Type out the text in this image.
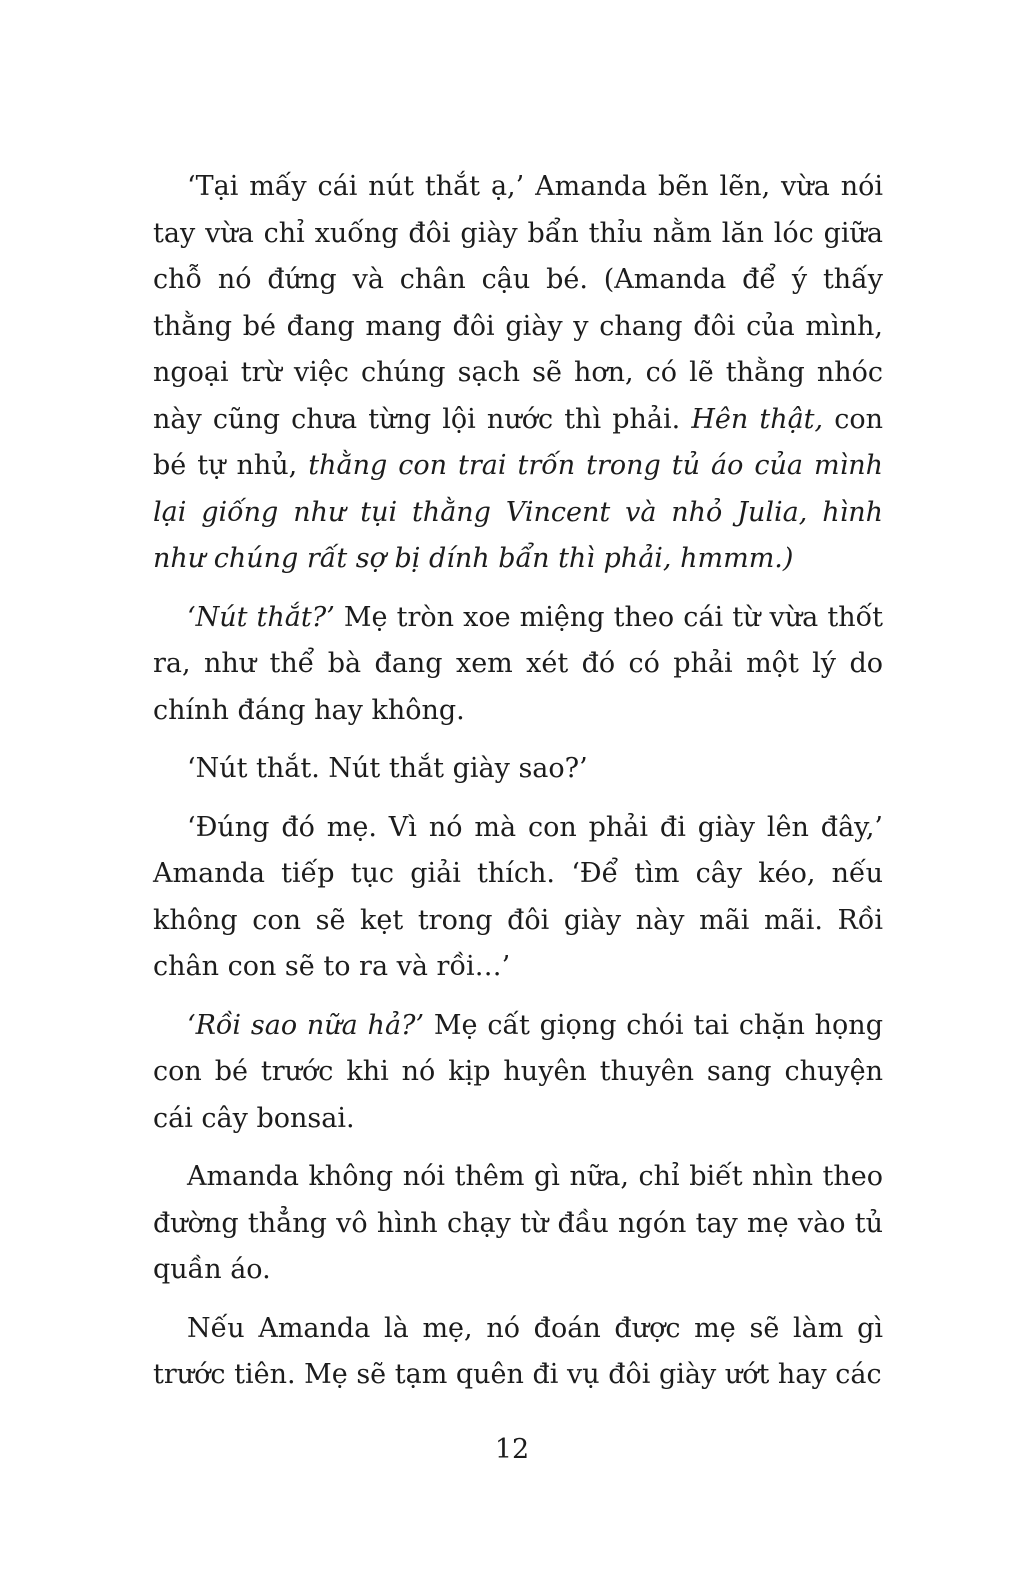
‘Tại mấy cái nút thắt ạ,’ Amanda bẽn lẽn, vừa nói tay vừa chỉ xuống đôi giày bẩn thỉu nằm lăn lóc giữa chỗ nó đứng và chân cậu bé. (Amanda để ý thấy thằng bé đang mang đôi giày y chang đôi của mình, ngoại trừ việc chúng sạch sẽ hơn, có lẽ thằng nhóc này cũng chưa từng lội nước thì phải. Hên thật, con bé tự nhủ, thằng con trai trốn trong tủ áo của mình lại giống như tụi thằng Vincent và nhỏ Julia, hình như chúng rất sợ bị dính bẩn thì phải, hmmm.)

‘Nút thắt?’ Mẹ tròn xoe miệng theo cái từ vừa thốt ra, như thể bà đang xem xét đó có phải một lý do chính đáng hay không.

‘Nút thắt. Nút thắt giày sao?’

‘Đúng đó mẹ. Vì nó mà con phải đi giày lên đây,’ Amanda tiếp tục giải thích. ‘Để tìm cây kéo, nếu không con sẽ kẹt trong đôi giày này mãi mãi. Rồi chân con sẽ to ra và rồi…’

‘Rồi sao nữa hả?’ Mẹ cất giọng chói tai chặn họng con bé trước khi nó kịp huyên thuyên sang chuyện cái cây bonsai.

Amanda không nói thêm gì nữa, chỉ biết nhìn theo đường thẳng vô hình chạy từ đầu ngón tay mẹ vào tủ quần áo.

Nếu Amanda là mẹ, nó đoán được mẹ sẽ làm gì trước tiên. Mẹ sẽ tạm quên đi vụ đôi giày ướt hay các

12
